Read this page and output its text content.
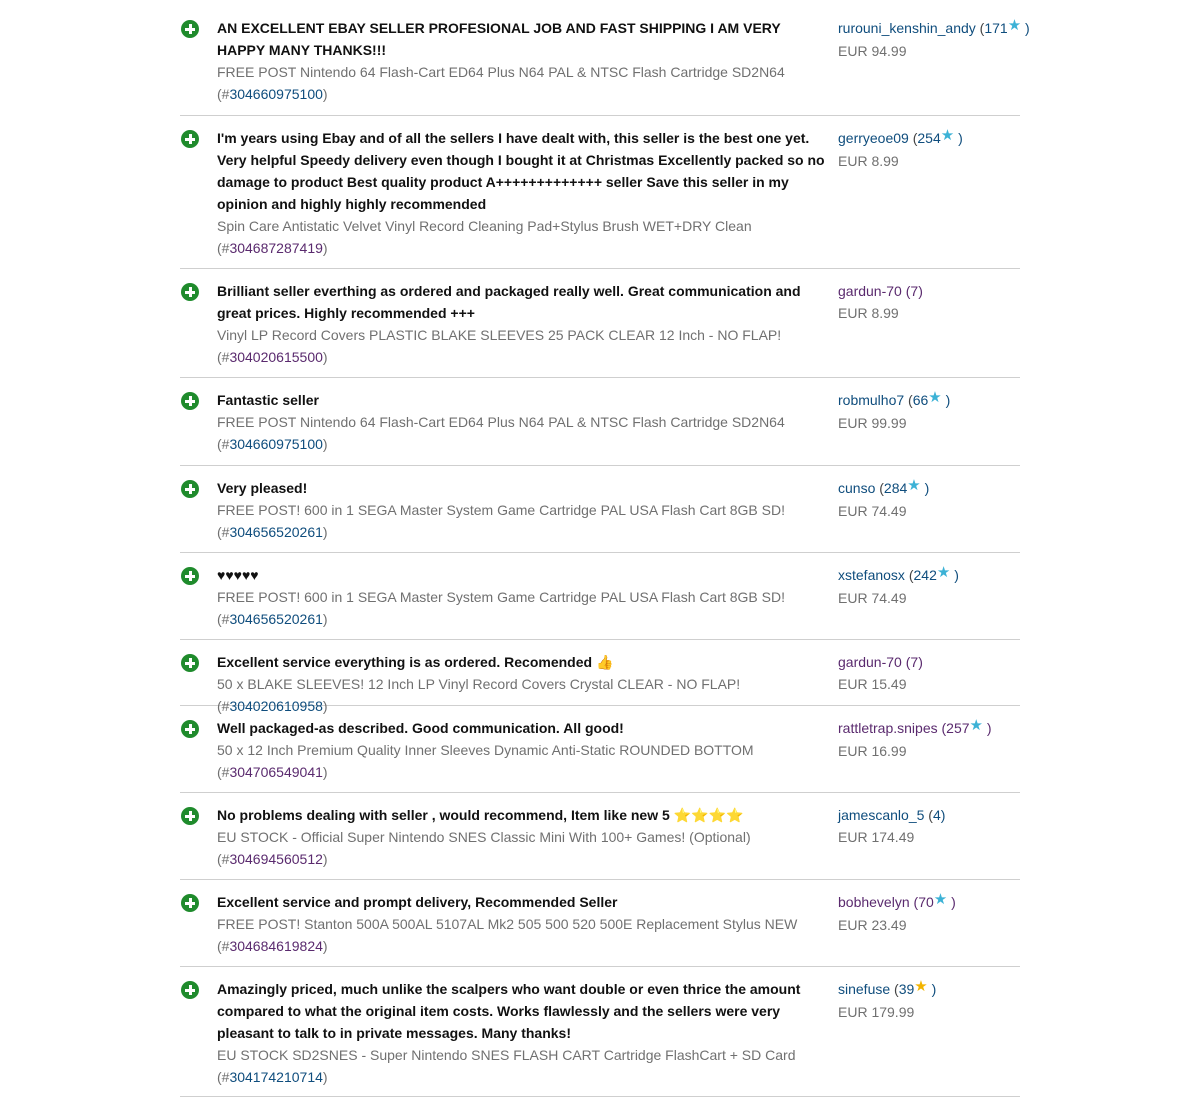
AN EXCELLENT EBAY SELLER PROFESIONAL JOB AND FAST SHIPPING I AM VERY HAPPY MANY THANKS!!!
FREE POST Nintendo 64 Flash-Cart ED64 Plus N64 PAL & NTSC Flash Cartridge SD2N64
(#304660975100)
rurouni_kenshin_andy (171★ )
EUR 94.99
I'm years using Ebay and of all the sellers I have dealt with, this seller is the best one yet. Very helpful Speedy delivery even though I bought it at Christmas Excellently packed so no damage to product Best quality product A+++++++++++++ seller Save this seller in my opinion and highly highly recommended
Spin Care Antistatic Velvet Vinyl Record Cleaning Pad+Stylus Brush WET+DRY Clean
(#304687287419)
gerryeoe09 (254★ )
EUR 8.99
Brilliant seller everthing as ordered and packaged really well. Great communication and great prices. Highly recommended +++
Vinyl LP Record Covers PLASTIC BLAKE SLEEVES 25 PACK CLEAR 12 Inch - NO FLAP!
(#304020615500)
gardun-70 (7)
EUR 8.99
Fantastic seller
FREE POST Nintendo 64 Flash-Cart ED64 Plus N64 PAL & NTSC Flash Cartridge SD2N64
(#304660975100)
robmulho7 (66★ )
EUR 99.99
Very pleased!
FREE POST! 600 in 1 SEGA Master System Game Cartridge PAL USA Flash Cart 8GB SD!
(#304656520261)
cunso (284★ )
EUR 74.49
♥♥♥♥♥
FREE POST! 600 in 1 SEGA Master System Game Cartridge PAL USA Flash Cart 8GB SD!
(#304656520261)
xstefanosx (242★ )
EUR 74.49
Excellent service everything is as ordered. Recomended 👍
50 x BLAKE SLEEVES! 12 Inch LP Vinyl Record Covers Crystal CLEAR - NO FLAP! (#304020610958)
gardun-70 (7)
EUR 15.49
Well packaged-as described. Good communication. All good!
50 x 12 Inch Premium Quality Inner Sleeves Dynamic Anti-Static ROUNDED BOTTOM
(#304706549041)
rattletrap.snipes (257★ )
EUR 16.99
No problems dealing with seller , would recommend, Item like new 5 ⭐⭐⭐⭐
EU STOCK - Official Super Nintendo SNES Classic Mini With 100+ Games! (Optional)
(#304694560512)
jamescanlo_5 (4)
EUR 174.49
Excellent service and prompt delivery, Recommended Seller
FREE POST! Stanton 500A 500AL 5107AL Mk2 505 500 520 500E Replacement Stylus NEW
(#304684619824)
bobhevelyn (70★ )
EUR 23.49
Amazingly priced, much unlike the scalpers who want double or even thrice the amount compared to what the original item costs. Works flawlessly and the sellers were very pleasant to talk to in private messages. Many thanks!
EU STOCK SD2SNES - Super Nintendo SNES FLASH CART Cartridge FlashCart + SD Card
(#304174210714)
sinefuse (39★ )
EUR 179.99
